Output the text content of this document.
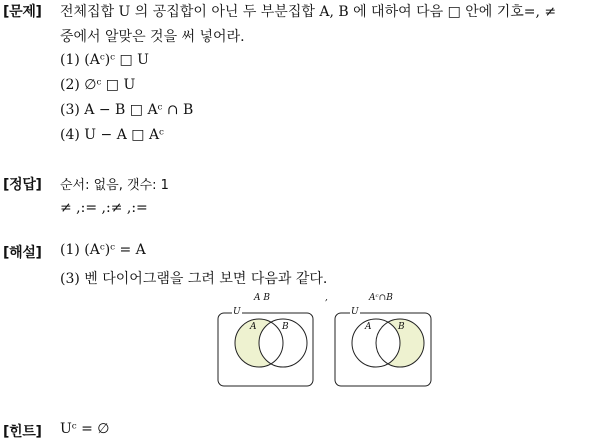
[문제] 전체집합 U 의 공집합이 아닌 두 부분집합 A, B 에 대하여 다음 □ 안에 기호=, ≠
중에서 알맞은 것을 써 넣어라.
(1) (Aᶜ)ᶜ □ U
(2) ∅ᶜ □ U
(3) A − B □ Aᶜ ∩ B
(4) U − A □ Aᶜ
[정답] 순서: 없음, 갯수: 1
≠ ,:= ,:≠ ,:=
[해설] (1) (Aᶜ)ᶜ = A
(3) 벤 다이어그램을 그려 보면 다음과 같다.
A B	,	Aᶜ∩B
U
A	B
U
A	B
[힌트] Uᶜ = ∅
